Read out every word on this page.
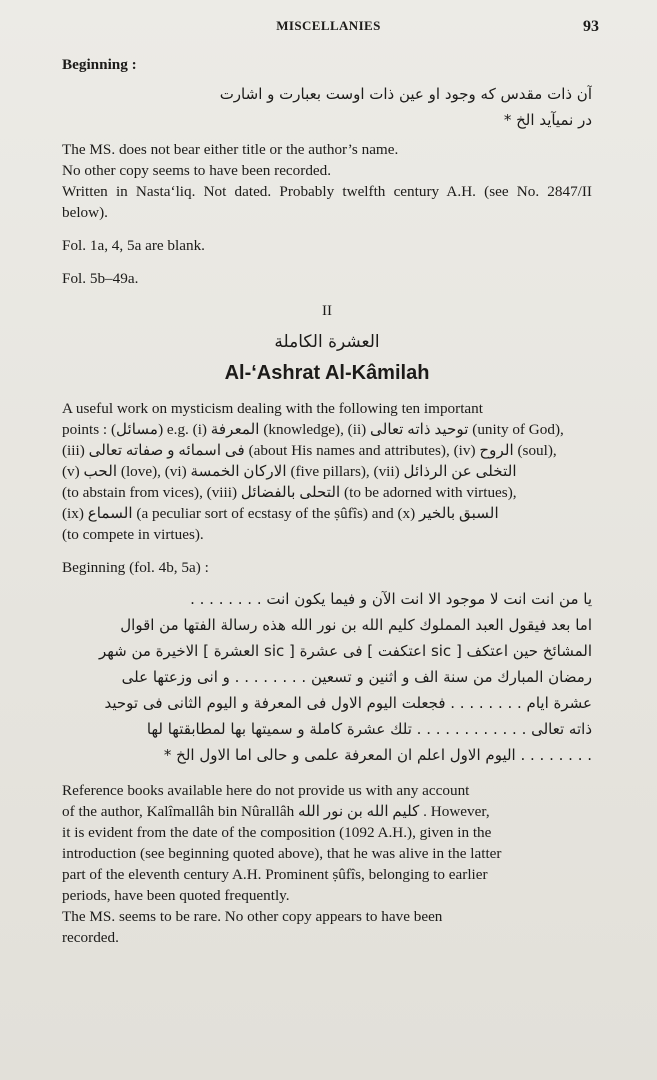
MISCELLANIES	93

Beginning :

آن ذات مقدس که وجود او عین ذات اوست بعبارت و اشارت
در نمیآید الخ *

The MS. does not bear either title or the author’s name.

No other copy seems to have been recorded.

Written in Nasta‘liq. Not dated. Probably twelfth century A.H. (see No. 2847/II below).

Fol. 1a, 4, 5a are blank.

Fol. 5b–49a.

II
العشرة الكاملة
Al-‘Ashrat Al-Kâmilah

A useful work on mysticism dealing with the following ten important

points : (مسائل) e.g. (i) المعرفة (knowledge), (ii) توحيد ذاته تعالى (unity of God),

(iii) فى اسمائه و صفاته تعالى (about His names and attributes), (iv) الروح (soul),

(v) الحب (love), (vi) الاركان الخمسة (five pillars), (vii) التخلى عن الرذائل

(to abstain from vices), (viii) التحلى بالفضائل (to be adorned with virtues),

(ix) السماع (a peculiar sort of ecstasy of the ṣûfîs) and (x) السبق بالخير

(to compete in virtues).

Beginning (fol. 4b, 5a) :

يا من انت انت لا موجود الا انت الآن و فيما يكون انت . . . . . . . .
اما بعد فيقول العبد المملوك كليم الله بن نور الله هذه رسالة الفتها من اقوال
المشائخ حين اعتكف [ sic اعتكفت ] فى عشرة [ sic العشرة ] الاخيرة من شهر
رمضان المبارك من سنة الف و اثنين و تسعين . . . . . . . . و انى وزعتها على
عشرة ايام . . . . . . . . فجعلت اليوم الاول فى المعرفة و اليوم الثانى فى توحيد
ذاته تعالى . . . . . . . . . . . . تلك عشرة كاملة و سميتها بها لمطابقتها لها
. . . . . . . . اليوم الاول اعلم ان المعرفة علمى و حالى اما الاول الخ *

Reference books available here do not provide us with any account

of the author, Kalîmallâh bin Nûrallâh كليم الله بن نور الله . However,

it is evident from the date of the composition (1092 A.H.), given in the

introduction (see beginning quoted above), that he was alive in the latter

part of the eleventh century A.H. Prominent ṣûfîs, belonging to earlier

periods, have been quoted frequently.

The MS. seems to be rare. No other copy appears to have been

recorded.
